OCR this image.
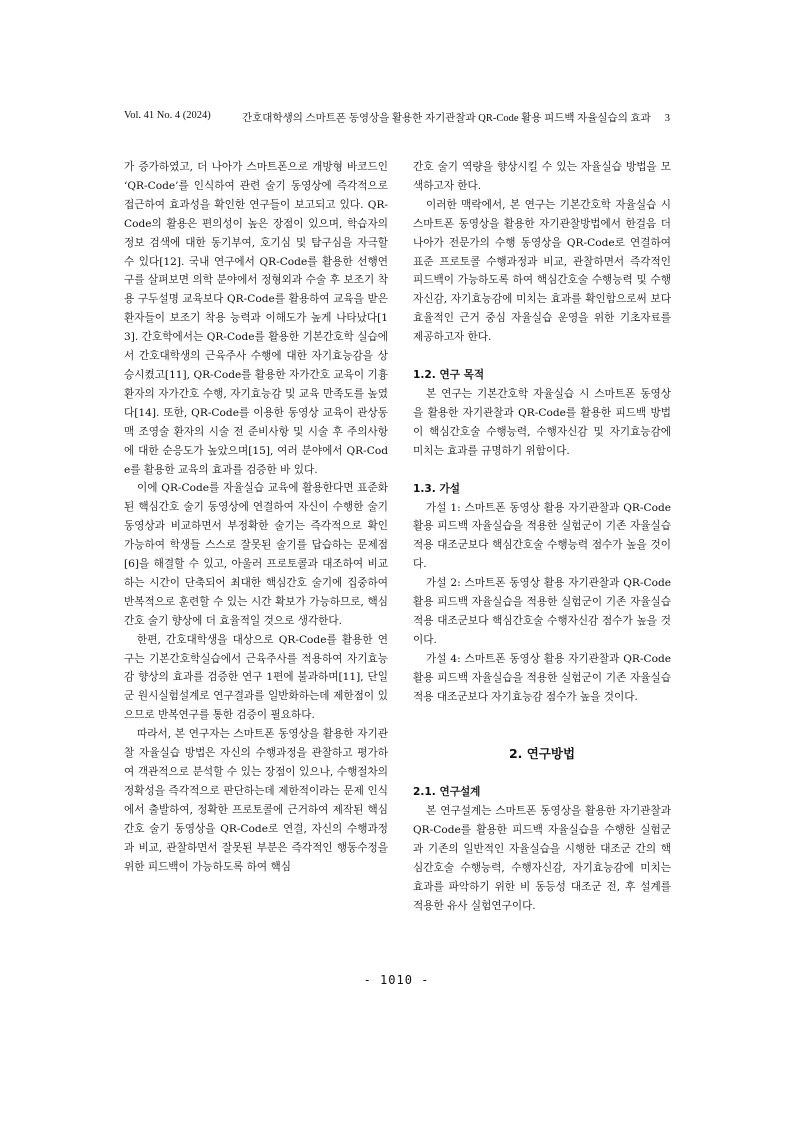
Vol. 41 No. 4 (2024)	간호대학생의 스마트폰 동영상을 활용한 자기관찰과 QR-Code 활용 피드백 자율실습의 효과 3

가 증가하였고, 더 나아가 스마트폰으로 개방형 바코드인 ‘QR-Code’를 인식하여 관련 술기 동영상에 즉각적으로 접근하여 효과성을 확인한 연구들이 보고되고 있다. QR-Code의 활용은 편의성이 높은 장점이 있으며, 학습자의 정보 검색에 대한 동기부여, 호기심 및 탐구심을 자극할 수 있다[12]. 국내 연구에서 QR-Code를 활용한 선행연구를 살펴보면 의학 분야에서 정형외과 수술 후 보조기 착용 구두설명 교육보다 QR-Code를 활용하여 교육을 받은 환자들이 보조기 착용 능력과 이해도가 높게 나타났다[13]. 간호학에서는 QR-Code를 활용한 기본간호학 실습에서 간호대학생의 근육주사 수행에 대한 자기효능감을 상승시켰고[11], QR-Code를 활용한 자가간호 교육이 기흉 환자의 자가간호 수행, 자기효능감 및 교육 만족도를 높였다[14]. 또한, QR-Code를 이용한 동영상 교육이 관상동맥 조영술 환자의 시술 전 준비사항 및 시술 후 주의사항에 대한 순응도가 높았으며[15], 여러 분야에서 QR-Code를 활용한 교육의 효과를 검증한 바 있다.

이에 QR-Code를 자율실습 교육에 활용한다면 표준화된 핵심간호 술기 동영상에 연결하여 자신이 수행한 술기 동영상과 비교하면서 부정확한 술기는 즉각적으로 확인 가능하여 학생들 스스로 잘못된 술기를 답습하는 문제점[6]을 해결할 수 있고, 아울러 프로토콜과 대조하여 비교하는 시간이 단축되어 최대한 핵심간호 술기에 집중하여 반복적으로 훈련할 수 있는 시간 확보가 가능하므로, 핵심간호 술기 향상에 더 효율적일 것으로 생각한다.

한편, 간호대학생을 대상으로 QR-Code를 활용한 연구는 기본간호학실습에서 근육주사를 적용하여 자기효능감 향상의 효과를 검증한 연구 1편에 불과하며[11], 단일 군 원시실험설계로 연구결과를 일반화하는데 제한점이 있으므로 반복연구를 통한 검증이 필요하다.

따라서, 본 연구자는 스마트폰 동영상을 활용한 자기관찰 자율실습 방법은 자신의 수행과정을 관찰하고 평가하여 객관적으로 분석할 수 있는 장점이 있으나, 수행절차의 정확성을 즉각적으로 판단하는데 제한적이라는 문제 인식에서 출발하여, 정확한 프로토콜에 근거하여 제작된 핵심간호 술기 동영상을 QR-Code로 연결, 자신의 수행과정과 비교, 관찰하면서 잘못된 부분은 즉각적인 행동수정을 위한 피드백이 가능하도록 하여 핵심

간호 술기 역량을 향상시킬 수 있는 자율실습 방법을 모색하고자 한다.

이러한 맥락에서, 본 연구는 기본간호학 자율실습 시 스마트폰 동영상을 활용한 자기관찰방법에서 한걸음 더 나아가 전문가의 수행 동영상을 QR-Code로 연결하여 표준 프로토콜 수행과정과 비교, 관찰하면서 즉각적인 피드백이 가능하도록 하여 핵심간호술 수행능력 및 수행자신감, 자기효능감에 미치는 효과를 확인함으로써 보다 효율적인 근거 중심 자율실습 운영을 위한 기초자료를 제공하고자 한다.

1.2. 연구 목적

본 연구는 기본간호학 자율실습 시 스마트폰 동영상을 활용한 자기관찰과 QR-Code를 활용한 피드백 방법이 핵심간호술 수행능력, 수행자신감 및 자기효능감에 미치는 효과를 규명하기 위함이다.

1.3. 가설

가설 1: 스마트폰 동영상 활용 자기관찰과 QR-Code 활용 피드백 자율실습을 적용한 실험군이 기존 자율실습 적용 대조군보다 핵심간호술 수행능력 점수가 높을 것이다.

가설 2: 스마트폰 동영상 활용 자기관찰과 QR-Code 활용 피드백 자율실습을 적용한 실험군이 기존 자율실습 적용 대조군보다 핵심간호술 수행자신감 점수가 높을 것이다.

가설 4: 스마트폰 동영상 활용 자기관찰과 QR-Code 활용 피드백 자율실습을 적용한 실험군이 기존 자율실습 적용 대조군보다 자기효능감 점수가 높을 것이다.

2. 연구방법
2.1. 연구설계

본 연구설계는 스마트폰 동영상을 활용한 자기관찰과 QR-Code를 활용한 피드백 자율실습을 수행한 실험군과 기존의 일반적인 자율실습을 시행한 대조군 간의 핵심간호술 수행능력, 수행자신감, 자기효능감에 미치는 효과를 파악하기 위한 비 동등성 대조군 전, 후 설계를 적용한 유사 실험연구이다.

- 1010 -
